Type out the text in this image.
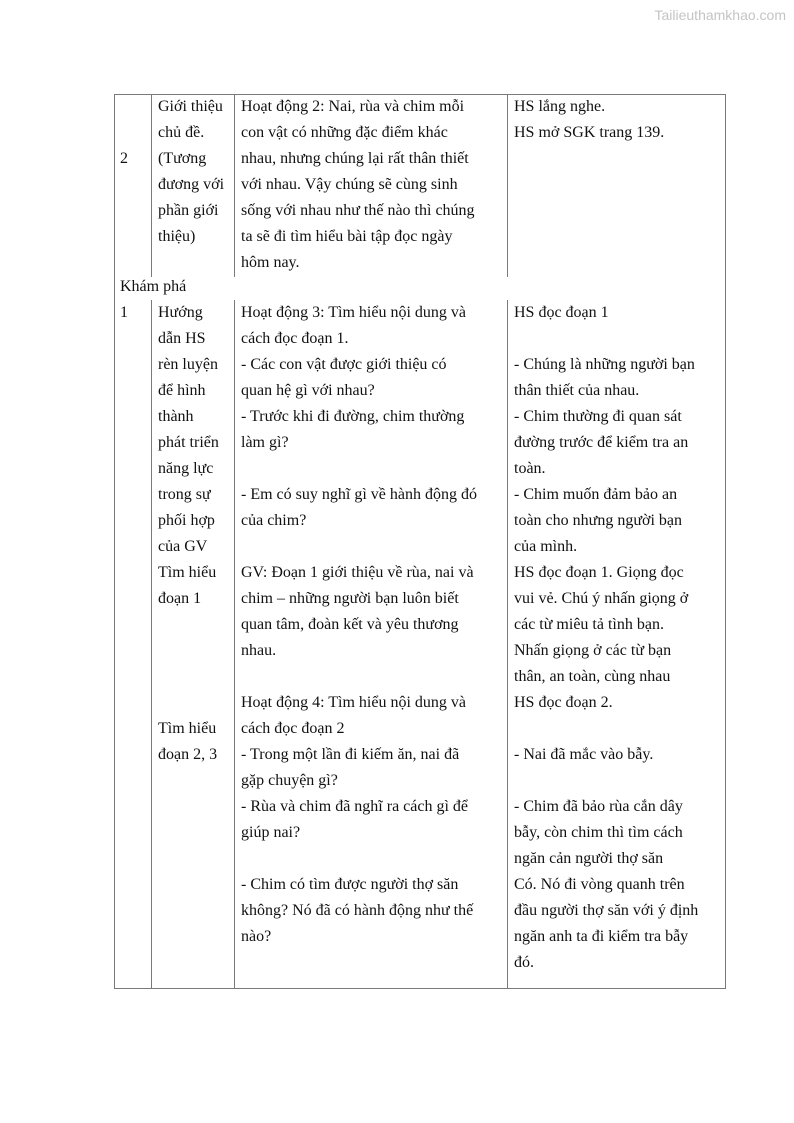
Tailieuthamkhao.com
2
Giới thiệu
chủ đề.
(Tương
đương với
phần giới
thiệu)
Hoạt động 2: Nai, rùa và chim mỗi
con vật có những đặc điểm khác
nhau, nhưng chúng lại rất thân thiết
với nhau. Vậy chúng sẽ cùng sinh
sống với nhau như thế nào thì chúng
ta sẽ đi tìm hiểu bài tập đọc ngày
hôm nay.
HS lắng nghe.
HS mở SGK trang 139.
Khám phá
1 Hướng
dẫn HS
rèn luyện
để hình
thành
phát triển
năng lực
trong sự
phối hợp
của GV
Tìm hiểu
đoạn 1

Tìm hiểu
đoạn 2, 3
Hoạt động 3: Tìm hiểu nội dung và
cách đọc đoạn 1.
- Các con vật được giới thiệu có
quan hệ gì với nhau?
- Trước khi đi đường, chim thường
làm gì?

- Em có suy nghĩ gì về hành động đó
của chim?

GV: Đoạn 1 giới thiệu về rùa, nai và
chim – những người bạn luôn biết
quan tâm, đoàn kết và yêu thương
nhau.

Hoạt động 4: Tìm hiểu nội dung và
cách đọc đoạn 2
- Trong một lần đi kiếm ăn, nai đã
gặp chuyện gì?
- Rùa và chim đã nghĩ ra cách gì để
giúp nai?

- Chim có tìm được người thợ săn
không? Nó đã có hành động như thế
nào?
HS đọc đoạn 1

- Chúng là những người bạn
thân thiết của nhau.
- Chim thường đi quan sát
đường trước để kiểm tra an
toàn.
- Chim muốn đảm bảo an
toàn cho nhưng người bạn
của mình.
HS đọc đoạn 1. Giọng đọc
vui vẻ. Chú ý nhấn giọng ở
các từ miêu tả tình bạn.
Nhấn giọng ở các từ bạn
thân, an toàn, cùng nhau
HS đọc đoạn 2.

- Nai đã mắc vào bẫy.

- Chim đã bảo rùa cắn dây
bẫy, còn chim thì tìm cách
ngăn cản người thợ săn
Có. Nó đi vòng quanh trên
đầu người thợ săn với ý định
ngăn anh ta đi kiểm tra bẫy
đó.
